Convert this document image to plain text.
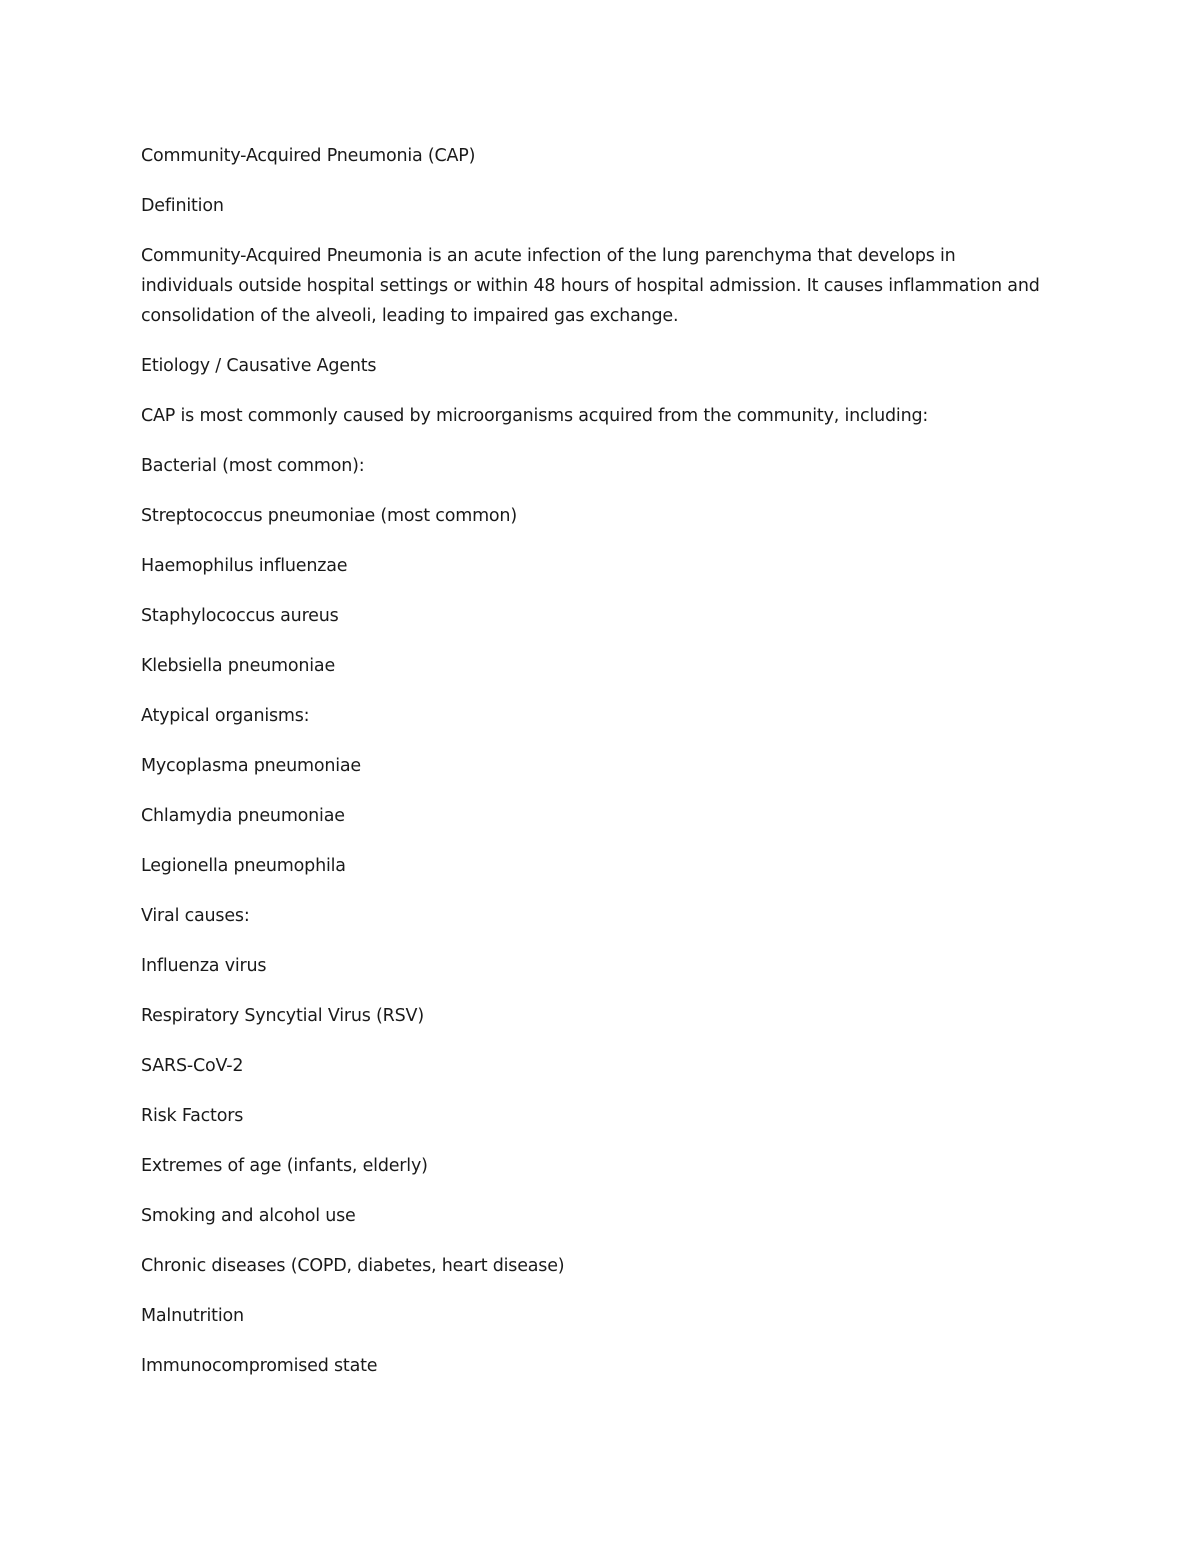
Community-Acquired Pneumonia (CAP)
Definition
Community-Acquired Pneumonia is an acute infection of the lung parenchyma that develops in
individuals outside hospital settings or within 48 hours of hospital admission. It causes inflammation and
consolidation of the alveoli, leading to impaired gas exchange.
Etiology / Causative Agents
CAP is most commonly caused by microorganisms acquired from the community, including:
Bacterial (most common):
Streptococcus pneumoniae (most common)
Haemophilus influenzae
Staphylococcus aureus
Klebsiella pneumoniae
Atypical organisms:
Mycoplasma pneumoniae
Chlamydia pneumoniae
Legionella pneumophila
Viral causes:
Influenza virus
Respiratory Syncytial Virus (RSV)
SARS-CoV-2
Risk Factors
Extremes of age (infants, elderly)
Smoking and alcohol use
Chronic diseases (COPD, diabetes, heart disease)
Malnutrition
Immunocompromised state
